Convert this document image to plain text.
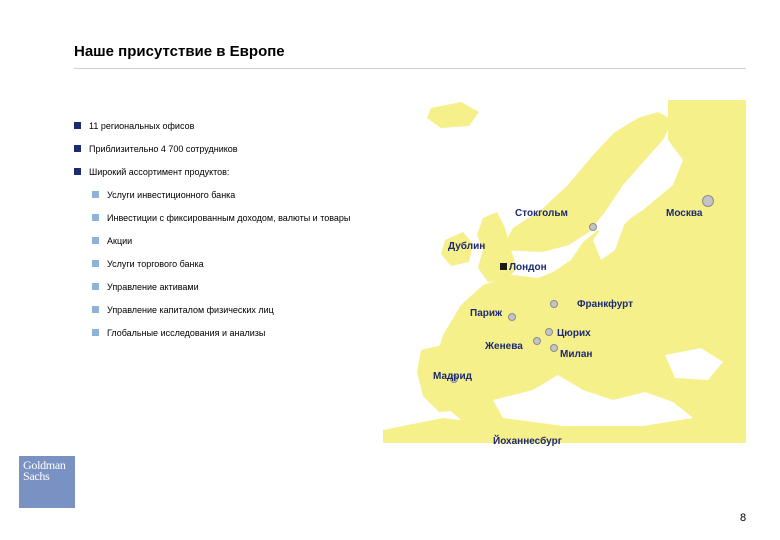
Наше присутствие в Европе
11 региональных офисов
Приблизительно 4 700 сотрудников
Широкий ассортимент продуктов:
Услуги инвестиционного банка
Инвестиции с фиксированным доходом, валюты и товары
Акции
Услуги торгового банка
Управление активами
Управление капиталом физических лиц
Глобальные исследования и анализы
Стокгольм	Москва
Дублин
Лондон
Париж
Франкфурт
Цюрих
Женева
Милан
Мадрид
Йоханнесбург
Goldman
Sachs
8
